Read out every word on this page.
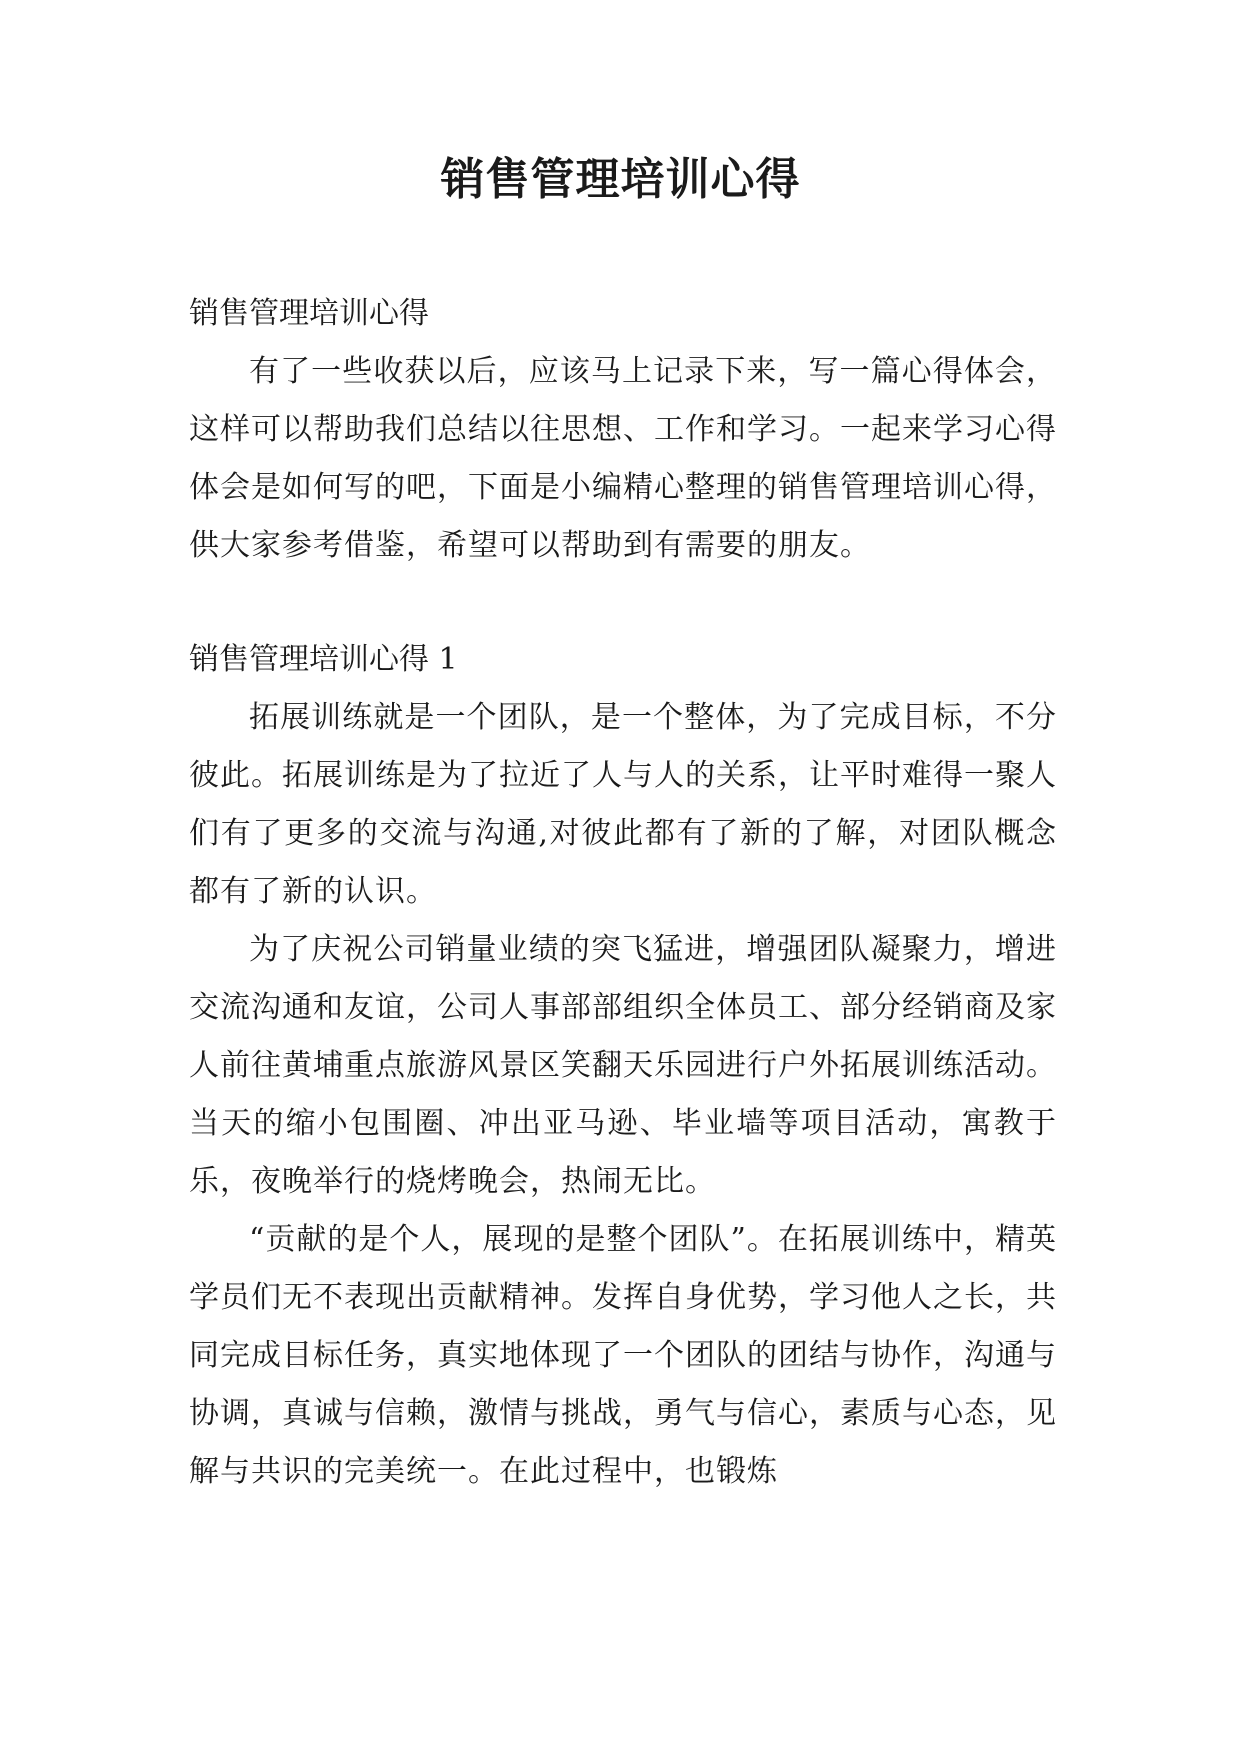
销售管理培训心得

销售管理培训心得

有了一些收获以后，应该马上记录下来，写一篇心得体会，这样可以帮助我们总结以往思想、工作和学习。一起来学习心得体会是如何写的吧，下面是小编精心整理的销售管理培训心得，供大家参考借鉴，希望可以帮助到有需要的朋友。

销售管理培训心得 1

拓展训练就是一个团队，是一个整体，为了完成目标，不分彼此。拓展训练是为了拉近了人与人的关系，让平时难得一聚人们有了更多的交流与沟通,对彼此都有了新的了解，对团队概念都有了新的认识。

为了庆祝公司销量业绩的突飞猛进，增强团队凝聚力，增进交流沟通和友谊，公司人事部部组织全体员工、部分经销商及家人前往黄埔重点旅游风景区笑翻天乐园进行户外拓展训练活动。当天的缩小包围圈、冲出亚马逊、毕业墙等项目活动，寓教于乐，夜晚举行的烧烤晚会，热闹无比。

“贡献的是个人，展现的是整个团队”。在拓展训练中，精英学员们无不表现出贡献精神。发挥自身优势，学习他人之长，共同完成目标任务，真实地体现了一个团队的团结与协作，沟通与协调，真诚与信赖，激情与挑战，勇气与信心，素质与心态，见解与共识的完美统一。在此过程中，也锻炼
